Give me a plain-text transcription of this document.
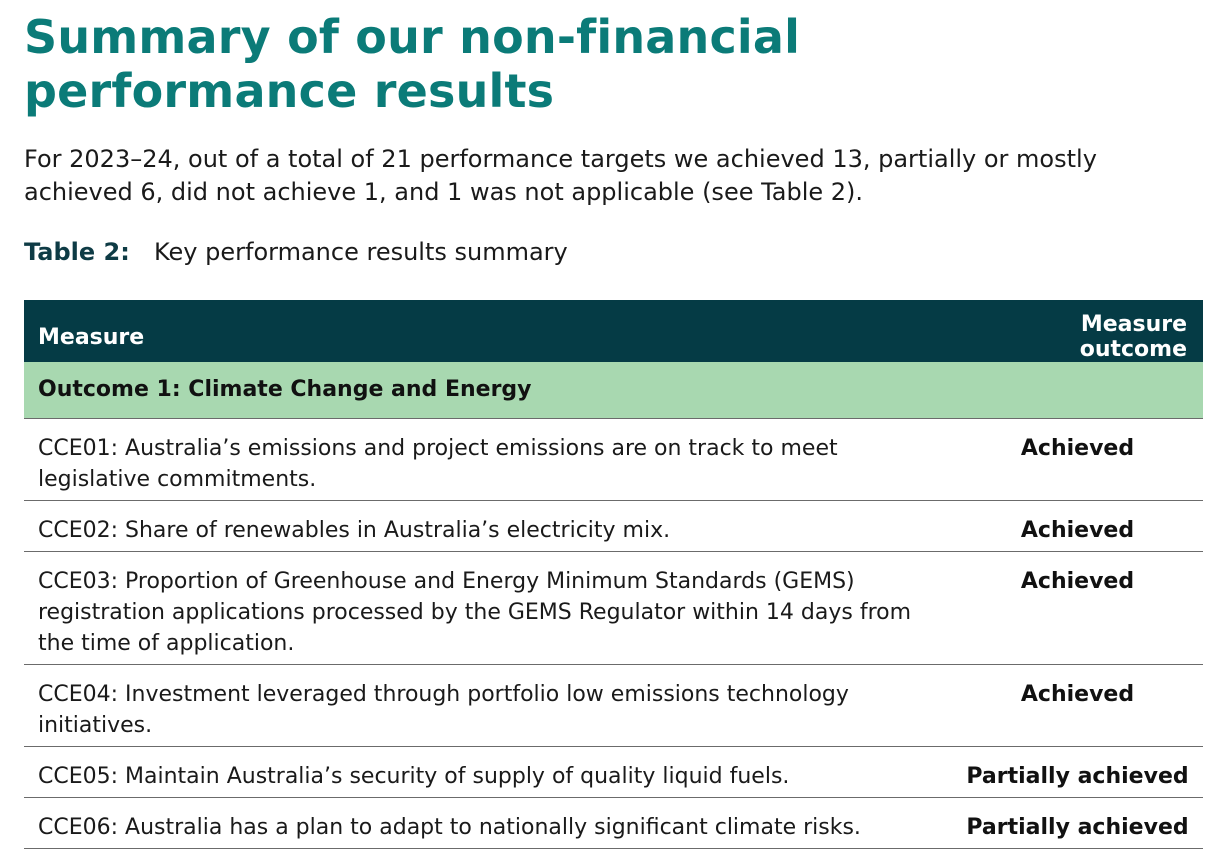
Summary of our non-financial
performance results

For 2023–24, out of a total of 21 performance targets we achieved 13, partially or mostly achieved 6, did not achieve 1, and 1 was not applicable (see Table 2).

Table 2: Key performance results summary
Measure	Measure outcome
Outcome 1: Climate Change and Energy	
CCE01: Australia’s emissions and project emissions are on track to meet legislative commitments.	Achieved
CCE02: Share of renewables in Australia’s electricity mix.	Achieved
CCE03: Proportion of Greenhouse and Energy Minimum Standards (GEMS) registration applications processed by the GEMS Regulator within 14 days from the time of application.	Achieved
CCE04: Investment leveraged through portfolio low emissions technology initiatives.	Achieved
CCE05: Maintain Australia’s security of supply of quality liquid fuels.	Partially achieved
CCE06: Australia has a plan to adapt to nationally significant climate risks.	Partially achieved
